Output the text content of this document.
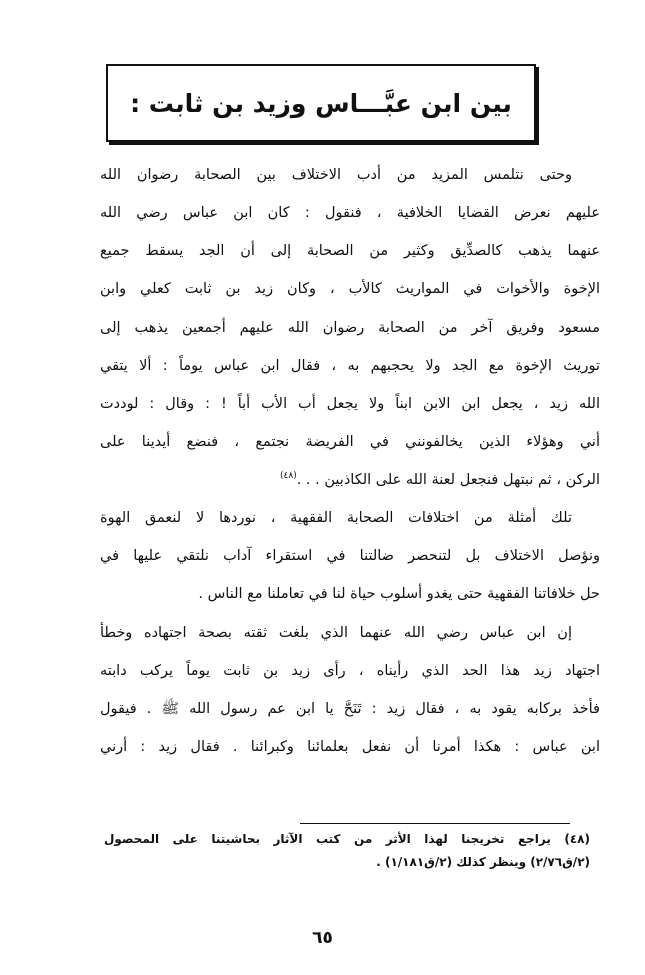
بين ابن عبَّـــاس وزيد بن ثابت :
وحتى نتلمس المزيد من أدب الاختلاف بين الصحابة رضوان الله
عليهم نعرض القضايا الخلافية ، فنقول : كان ابن عباس رضي الله
عنهما يذهب كالصدِّيق وكثير من الصحابة إلى أن الجد يسقط جميع
الإخوة والأخوات في المواريث كالأب ، وكان زيد بن ثابت كعلي وابن
مسعود وفريق آخر من الصحابة رضوان الله عليهم أجمعين يذهب إلى
توريث الإخوة مع الجد ولا يحجبهم به ، فقال ابن عباس يوماً : ألا يتقي
الله زيد ، يجعل ابن الابن ابناً ولا يجعل أب الأب أباً ! : وقال : لوددت
أني وهؤلاء الذين يخالفونني في الفريضة نجتمع ، فنضع أيدينا على
الركن ، ثم نبتهل فنجعل لعنة الله على الكاذبين . . .$^{(٤٨)}$
تلك أمثلة من اختلافات الصحابة الفقهية ، نوردها لا لنعمق الهوة
ونؤصل الاختلاف بل لتنحصر ضالتنا في استقراء آداب نلتقي عليها في
حل خلافاتنا الفقهية حتى يغدو أسلوب حياة لنا في تعاملنا مع الناس .
إن ابن عباس رضي الله عنهما الذي بلغت ثقته بصحة اجتهاده وخطأ
اجتهاد زيد هذا الحد الذي رأيناه ، رأى زيد بن ثابت يوماً يركب دابته
فأخذ بركابه يقود به ، فقال زيد : تَنَحَّ يا ابن عم رسول الله ﷺ . فيقول
ابن عباس : هكذا أمرنا أن نفعل بعلمائنا وكبرائنا . فقال زيد : أرني
(٤٨) يراجع تخريجنا لهذا الأثر من كتب الآثار بحاشيتنا على المحصول
(٢/ق٢/٧٦) وينظر كذلك (٢/ق١/١٨١) .
٦٥
